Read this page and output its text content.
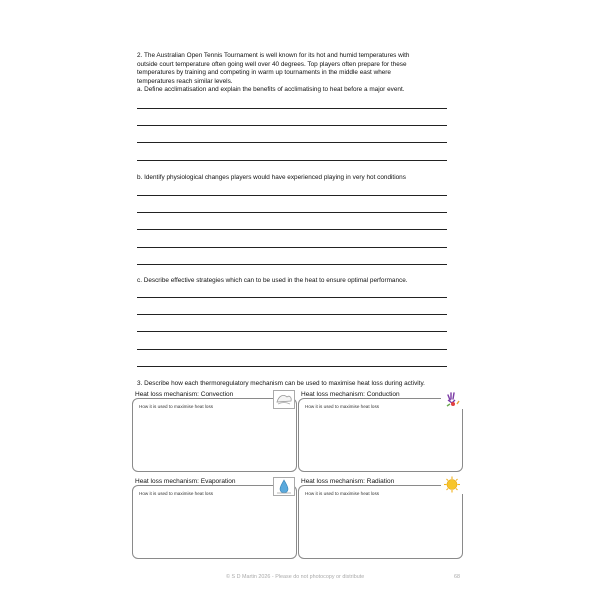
2. The Australian Open Tennis Tournament is well known for its hot and humid temperatures with

outside court temperature often going well over 40 degrees. Top players often prepare for these

temperatures by training and competing in warm up tournaments in the middle east where

temperatures reach similar levels.

a. Define acclimatisation and explain the benefits of acclimatising to heat before a major event.

b. Identify physiological changes players would have experienced playing in very hot conditions
c. Describe effective strategies which can to be used in the heat to ensure optimal performance.
3. Describe how each thermoregulatory mechanism can be used to maximise heat loss during activity.
Heat loss mechanism: Convection
How it is used to maximise heat loss
Heat loss mechanism: Conduction
How it is used to maximise heat loss
Heat loss mechanism: Evaporation
How it is used to maximise heat loss
Heat loss mechanism: Radiation
How it is used to maximise heat loss
© S D Martin 2026 - Please do not photocopy or distribute	68
